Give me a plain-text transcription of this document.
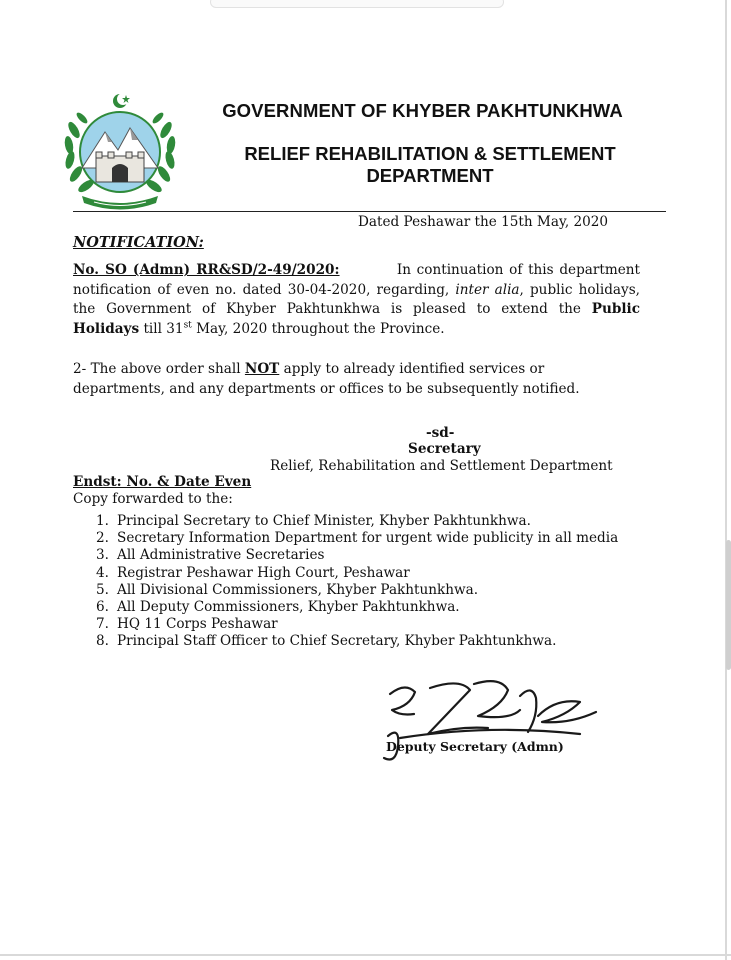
GOVERNMENT OF KHYBER PAKHTUNKHWA
RELIEF REHABILITATION & SETTLEMENT
DEPARTMENT
Dated Peshawar the 15th May, 2020
NOTIFICATION:
No. SO (Admn) RR&SD/2-49/2020:	In continuation of this department notification of even no. dated 30-04-2020, regarding, inter alia, public holidays, the Government of Khyber Pakhtunkhwa is pleased to extend the Public Holidays till 31st May, 2020 throughout the Province.
2- The above order shall NOT apply to already identified services or departments, and any departments or offices to be subsequently notified.
-sd-
Secretary
Relief, Rehabilitation and Settlement Department
Endst: No. & Date Even
Copy forwarded to the:
1. Principal Secretary to Chief Minister, Khyber Pakhtunkhwa.
2. Secretary Information Department for urgent wide publicity in all media
3. All Administrative Secretaries
4. Registrar Peshawar High Court, Peshawar
5. All Divisional Commissioners, Khyber Pakhtunkhwa.
6. All Deputy Commissioners, Khyber Pakhtunkhwa.
7. HQ 11 Corps Peshawar
8. Principal Staff Officer to Chief Secretary, Khyber Pakhtunkhwa.
Deputy Secretary (Admn)
